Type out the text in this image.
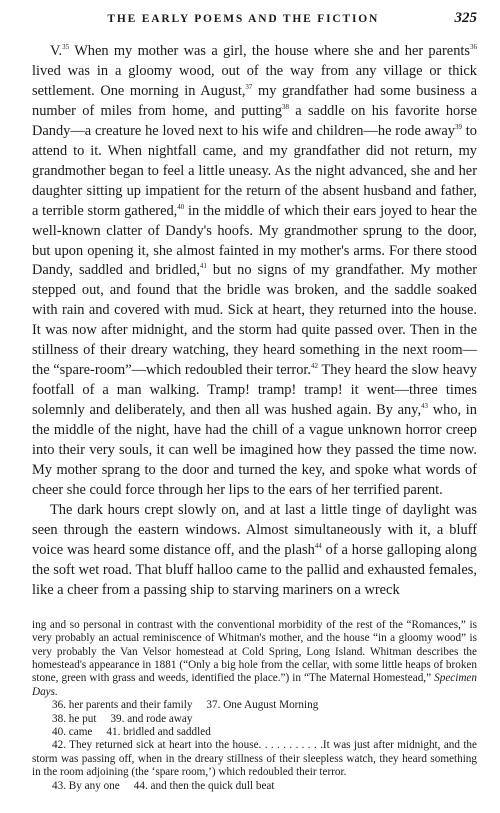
THE EARLY POEMS AND THE FICTION	325

V.$^{35}$ When my mother was a girl, the house where she and her parents$^{36}$ lived was in a gloomy wood, out of the way from any village or thick settlement. One morning in August,$^{37}$ my grandfather had some business a number of miles from home, and putting$^{38}$ a saddle on his favorite horse Dandy—a creature he loved next to his wife and children—he rode away$^{39}$ to attend to it. When nightfall came, and my grandfather did not return, my grandmother began to feel a little uneasy. As the night advanced, she and her daughter sitting up impatient for the return of the absent husband and father, a terrible storm gathered,$^{40}$ in the middle of which their ears joyed to hear the well-known clatter of Dandy's hoofs. My grandmother sprung to the door, but upon opening it, she almost fainted in my mother's arms. For there stood Dandy, saddled and bridled,$^{41}$ but no signs of my grandfather. My mother stepped out, and found that the bridle was broken, and the saddle soaked with rain and covered with mud. Sick at heart, they returned into the house. It was now after midnight, and the storm had quite passed over. Then in the stillness of their dreary watching, they heard something in the next room—the “spare-room”—which redoubled their terror.$^{42}$ They heard the slow heavy footfall of a man walking. Tramp! tramp! tramp! it went—three times solemnly and deliberately, and then all was hushed again. By any,$^{43}$ who, in the middle of the night, have had the chill of a vague unknown horror creep into their very souls, it can well be imagined how they passed the time now. My mother sprang to the door and turned the key, and spoke what words of cheer she could force through her lips to the ears of her terrified parent.

The dark hours crept slowly on, and at last a little tinge of daylight was seen through the eastern windows. Almost simultaneously with it, a bluff voice was heard some distance off, and the plash$^{44}$ of a horse galloping along the soft wet road. That bluff halloo came to the pallid and exhausted females, like a cheer from a passing ship to starving mariners on a wreck

ing and so personal in contrast with the conventional morbidity of the rest of the “Romances,” is very probably an actual reminiscence of Whitman's mother, and the house “in a gloomy wood” is very probably the Van Velsor homestead at Cold Spring, Long Island. Whitman describes the homestead's appearance in 1881 (“Only a big hole from the cellar, with some little heaps of broken stone, green with grass and weeds, identified the place.”) in “The Maternal Homestead,” Specimen Days.

36. her parents and their family 37. One August Morning
38. he put 39. and rode away
40. came 41. bridled and saddled

42. They returned sick at heart into the house. . . . . . . . . . .It was just after midnight, and the storm was passing off, when in the dreary stillness of their sleepless watch, they heard something in the room adjoining (the ‘spare room,’) which redoubled their terror.

43. By any one 44. and then the quick dull beat
